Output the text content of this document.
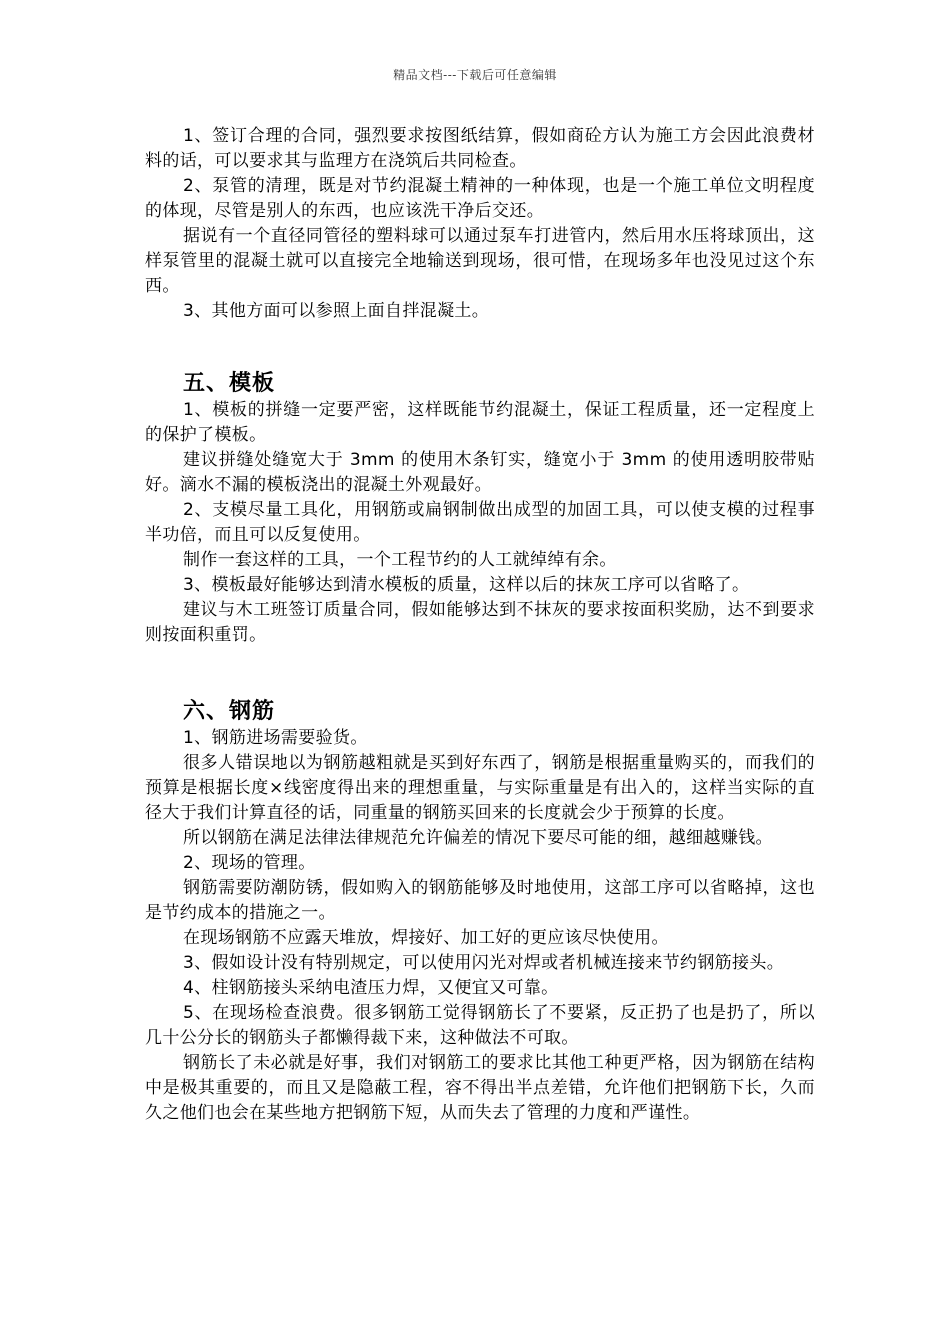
精品文档---下载后可任意编辑

1、签订合理的合同，强烈要求按图纸结算，假如商砼方认为施工方会因此浪费材料的话，可以要求其与监理方在浇筑后共同检查。

2、泵管的清理，既是对节约混凝土精神的一种体现，也是一个施工单位文明程度的体现，尽管是别人的东西，也应该洗干净后交还。

据说有一个直径同管径的塑料球可以通过泵车打进管内，然后用水压将球顶出，这样泵管里的混凝土就可以直接完全地输送到现场，很可惜，在现场多年也没见过这个东西。

3、其他方面可以参照上面自拌混凝土。

五、模板

1、模板的拼缝一定要严密，这样既能节约混凝土，保证工程质量，还一定程度上的保护了模板。

建议拼缝处缝宽大于 3mm 的使用木条钉实，缝宽小于 3mm 的使用透明胶带贴好。滴水不漏的模板浇出的混凝土外观最好。

2、支模尽量工具化，用钢筋或扁钢制做出成型的加固工具，可以使支模的过程事半功倍，而且可以反复使用。

制作一套这样的工具，一个工程节约的人工就绰绰有余。

3、模板最好能够达到清水模板的质量，这样以后的抹灰工序可以省略了。

建议与木工班签订质量合同，假如能够达到不抹灰的要求按面积奖励，达不到要求则按面积重罚。

六、钢筋

1、钢筋进场需要验货。

很多人错误地以为钢筋越粗就是买到好东西了，钢筋是根据重量购买的，而我们的预算是根据长度×线密度得出来的理想重量，与实际重量是有出入的，这样当实际的直径大于我们计算直径的话，同重量的钢筋买回来的长度就会少于预算的长度。

所以钢筋在满足法律法律规范允许偏差的情况下要尽可能的细，越细越赚钱。

2、现场的管理。

钢筋需要防潮防锈，假如购入的钢筋能够及时地使用，这部工序可以省略掉，这也是节约成本的措施之一。

在现场钢筋不应露天堆放，焊接好、加工好的更应该尽快使用。

3、假如设计没有特别规定，可以使用闪光对焊或者机械连接来节约钢筋接头。

4、柱钢筋接头采纳电渣压力焊，又便宜又可靠。

5、在现场检查浪费。很多钢筋工觉得钢筋长了不要紧，反正扔了也是扔了，所以几十公分长的钢筋头子都懒得裁下来，这种做法不可取。

钢筋长了未必就是好事，我们对钢筋工的要求比其他工种更严格，因为钢筋在结构中是极其重要的，而且又是隐蔽工程，容不得出半点差错，允许他们把钢筋下长，久而久之他们也会在某些地方把钢筋下短，从而失去了管理的力度和严谨性。
